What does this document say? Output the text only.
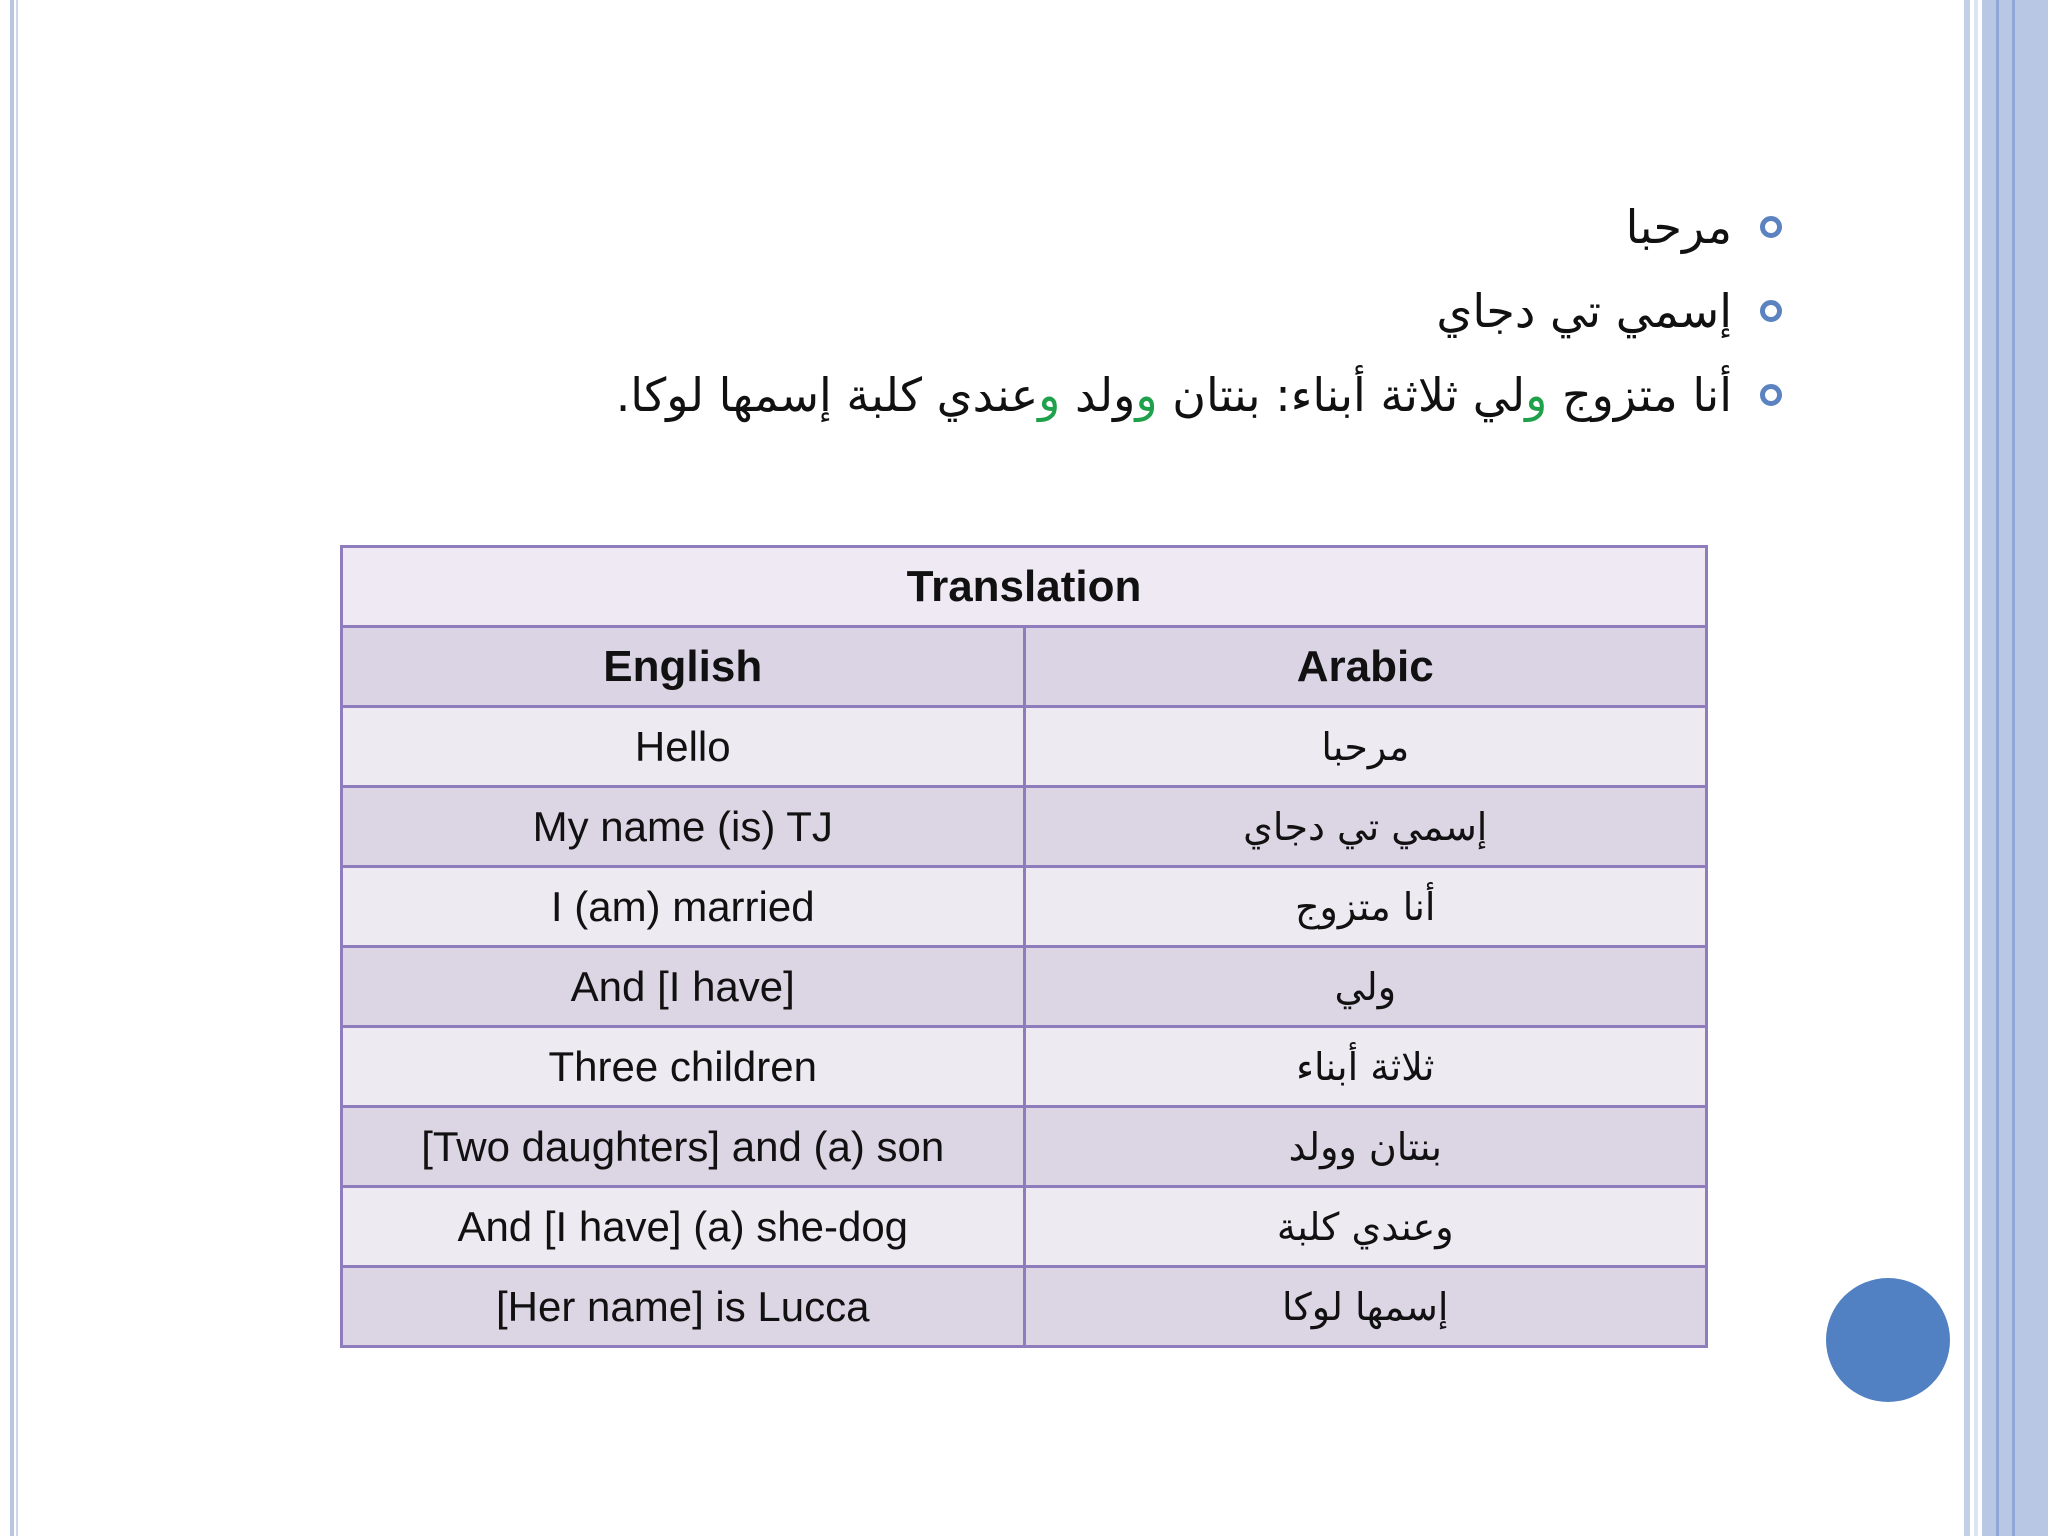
مرحبا
إسمي تي دجاي
أنا متزوج ولي ثلاثة أبناء: بنتان وولد وعندي كلبة إسمها لوكا.
Translation	
English	Arabic
Hello	مرحبا
My name (is) TJ	إسمي تي دجاي
I (am) married	أنا متزوج
And [I have]	ولي
Three children	ثلاثة أبناء
[Two daughters] and (a) son	بنتان وولد
And [I have] (a) she-dog	وعندي كلبة
[Her name] is Lucca	إسمها لوكا
